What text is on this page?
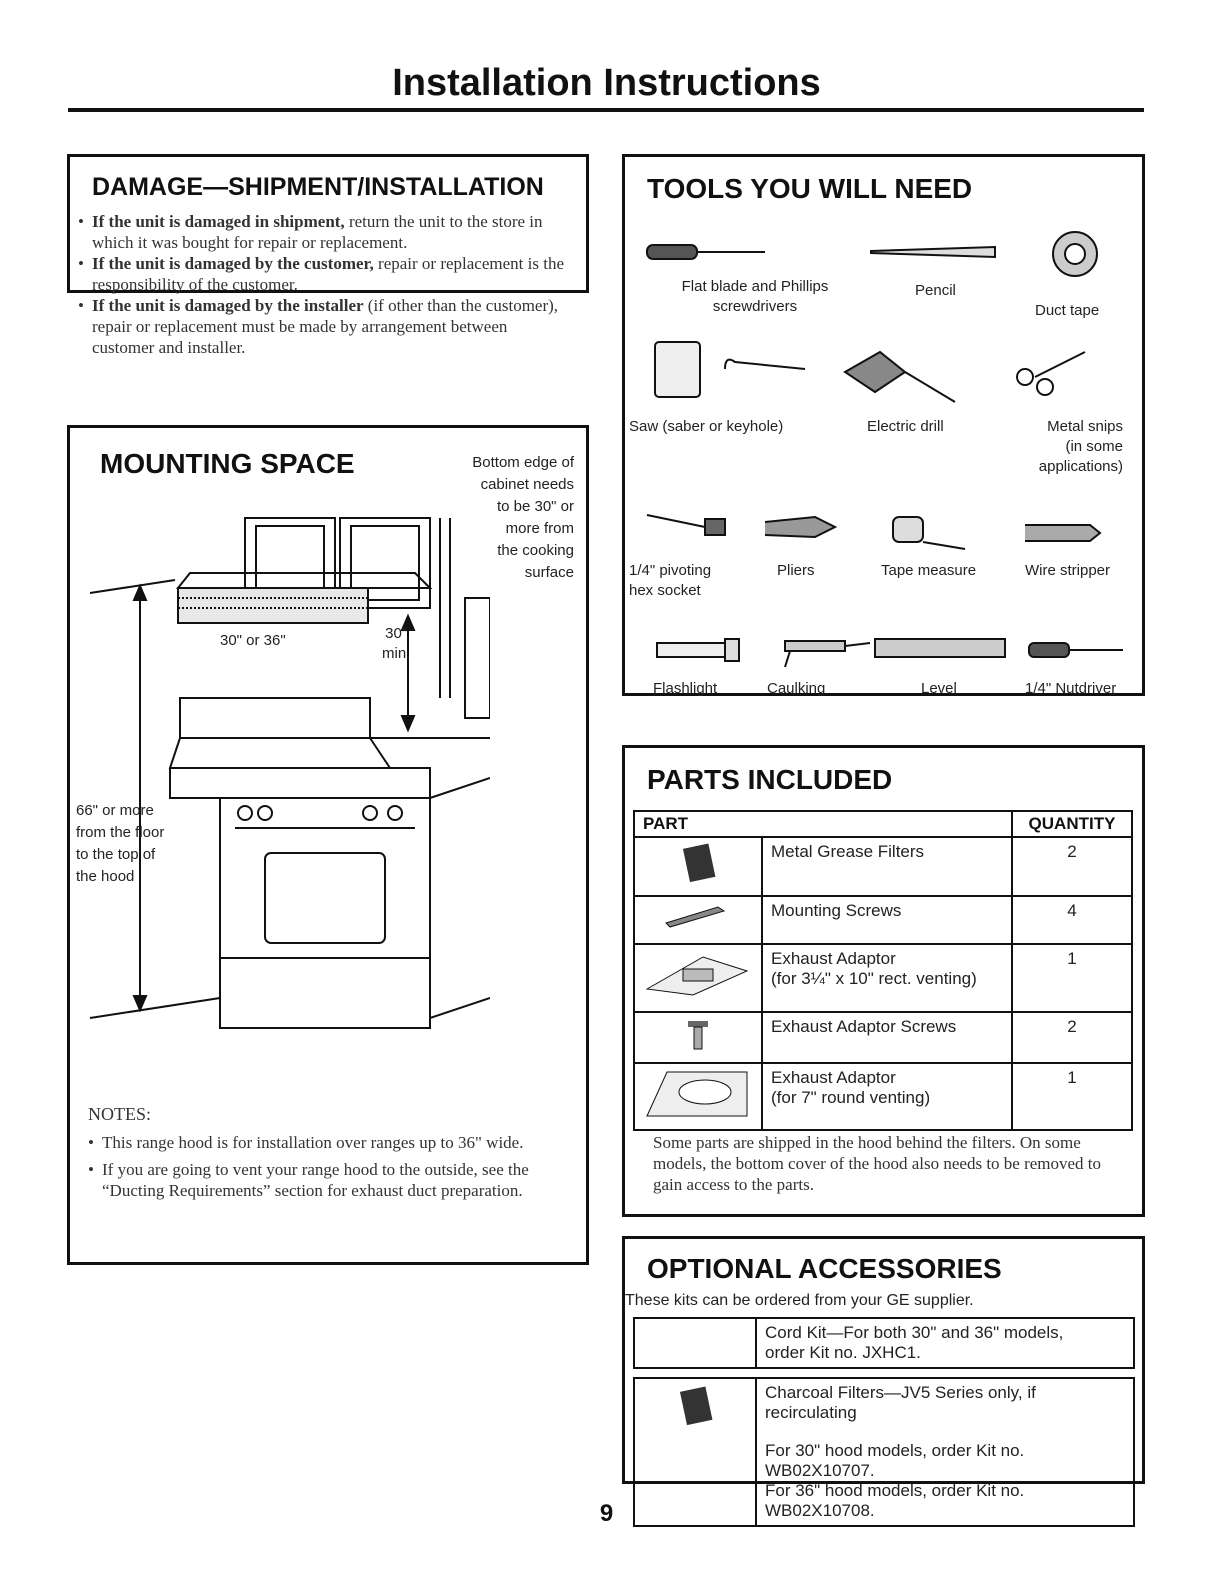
Installation Instructions
DAMAGE—SHIPMENT/INSTALLATION
• If the unit is damaged in shipment, return the unit to the store in which it was bought for repair or replacement.
• If the unit is damaged by the customer, repair or replacement is the responsibility of the customer.
• If the unit is damaged by the installer (if other than the customer), repair or replacement must be made by arrangement between customer and installer.
MOUNTING SPACE	Bottom edge of
cabinet needs
to be 30" or
more from
the cooking
surface
30" or 36"	30"
min.
66" or more
from the floor
to the top of
the hood
NOTES:
• This range hood is for installation over ranges up to 36" wide.
• If you are going to vent your range hood to the outside, see the “Ducting Requirements” section for exhaust duct preparation.
TOOLS YOU WILL NEED
Flat blade and Phillips
screwdrivers
Pencil
Duct tape
Saw (saber or keyhole)	Electric drill	Metal snips
(in some
applications)
1/4" pivoting
hex socket
Pliers	Tape measure	Wire stripper
Flashlight	Caulking	Level	1/4" Nutdriver
PARTS INCLUDED
PART		QUANTITY
	Metal Grease Filters	2
	Mounting Screws	4

Exhaust Adaptor
(for 3¼" x 10" rect. venting)	1
	Exhaust Adaptor Screws	2

Exhaust Adaptor
(for 7" round venting)	1
Some parts are shipped in the hood behind the filters. On some models, the bottom cover of the hood also needs to be removed to gain access to the parts.
OPTIONAL ACCESSORIES
These kits can be ordered from your GE supplier.

Cord Kit—For both 30" and 36" models,
order Kit no. JXHC1.

Charcoal Filters—JV5 Series only, if recirculating
For 30" hood models, order Kit no. WB02X10707.
For 36" hood models, order Kit no. WB02X10708.
9
